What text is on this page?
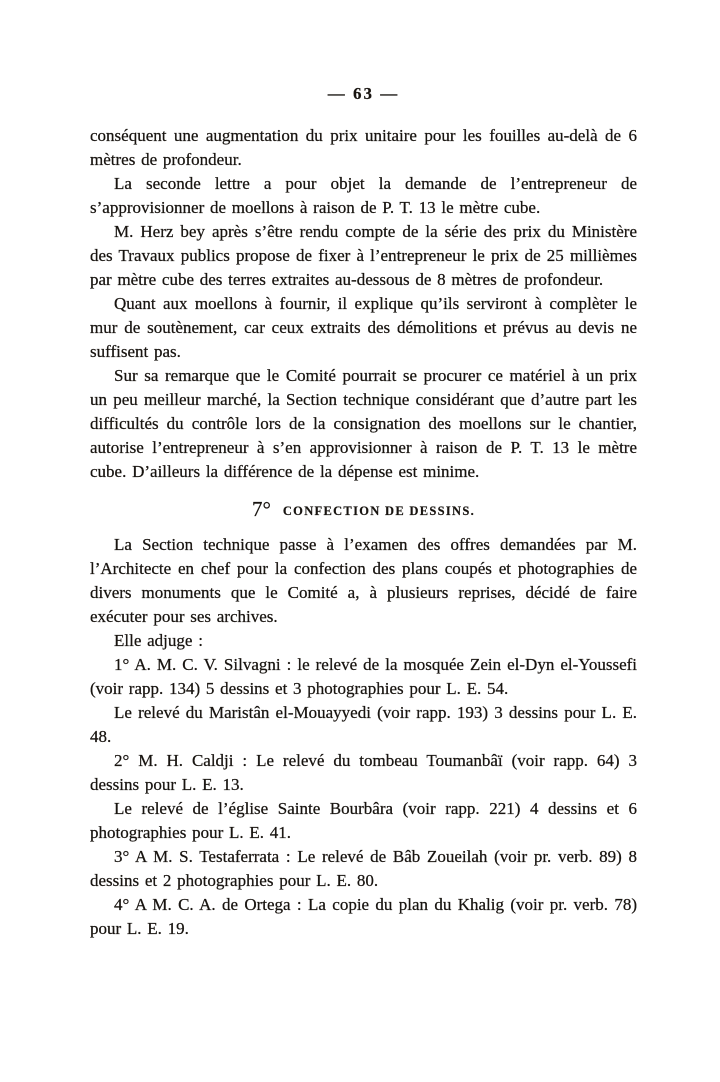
— 63 —

conséquent une augmentation du prix unitaire pour les fouilles au-delà de 6 mètres de profondeur.

La seconde lettre a pour objet la demande de l’entrepreneur de s’approvisionner de moellons à raison de P. T. 13 le mètre cube.

M. Herz bey après s’être rendu compte de la série des prix du Ministère des Travaux publics propose de fixer à l’entrepreneur le prix de 25 millièmes par mètre cube des terres extraites au-dessous de 8 mètres de profondeur.

Quant aux moellons à fournir, il explique qu’ils serviront à complèter le mur de soutènement, car ceux extraits des démolitions et prévus au devis ne suffisent pas.

Sur sa remarque que le Comité pourrait se procurer ce matériel à un prix un peu meilleur marché, la Section technique considérant que d’autre part les difficultés du contrôle lors de la consignation des moellons sur le chantier, autorise l’entrepreneur à s’en approvisionner à raison de P. T. 13 le mètre cube. D’ailleurs la différence de la dépense est minime.

7° CONFECTION DE DESSINS.

La Section technique passe à l’examen des offres demandées par M. l’Architecte en chef pour la confection des plans coupés et photographies de divers monuments que le Comité a, à plusieurs reprises, décidé de faire exécuter pour ses archives.

Elle adjuge :

1° A. M. C. V. Silvagni : le relevé de la mosquée Zein el-Dyn el-Youssefi (voir rapp. 134) 5 dessins et 3 photographies pour L. E. 54.

Le relevé du Maristân el-Mouayyedi (voir rapp. 193) 3 dessins pour L. E. 48.

2° M. H. Caldji : Le relevé du tombeau Toumanbâï (voir rapp. 64) 3 dessins pour L. E. 13.

Le relevé de l’église Sainte Bourbâra (voir rapp. 221) 4 dessins et 6 photographies pour L. E. 41.

3° A M. S. Testaferrata : Le relevé de Bâb Zoueilah (voir pr. verb. 89) 8 dessins et 2 photographies pour L. E. 80.

4° A M. C. A. de Ortega : La copie du plan du Khalig (voir pr. verb. 78) pour L. E. 19.
